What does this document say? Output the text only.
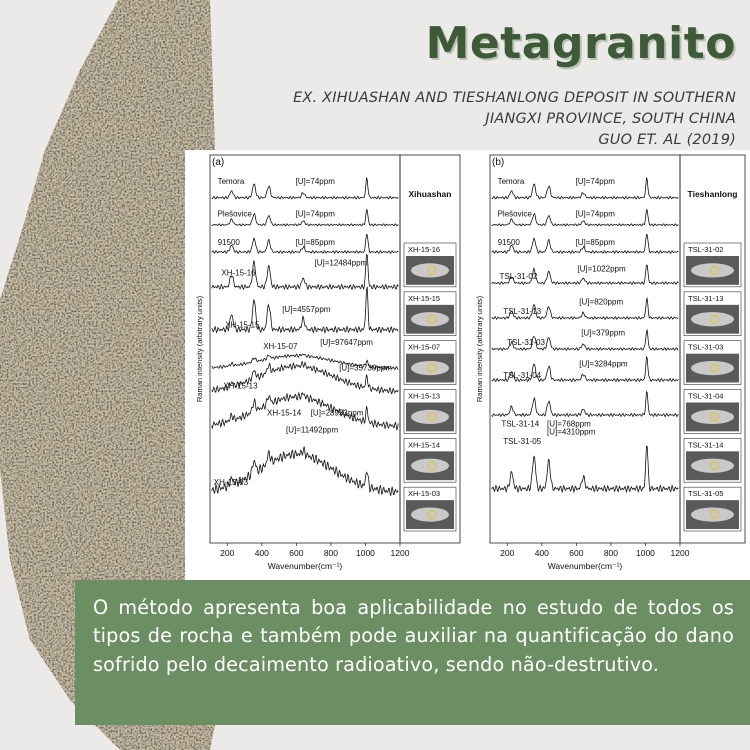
Metagranito
EX. XIHUASHAN AND TIESHANLONG DEPOSIT IN SOUTHERN
JIANGXI PROVINCE, SOUTH CHINA
GUO ET. AL (2019)
(a)
200 400 600 800 1000 1200
Wavenumber(cm⁻¹)
Raman intensity (arbitrary units)
Temora	[U]=74ppm
Plešovice	[U]=74ppm
91500	[U]=85ppm
XH-15-16
[U]=12484ppm
XH-15-15
[U]=4557ppm
XH-15-07	[U]=97647ppm
XH-15-13
[U]=35730ppm
XH-15-14 [U]=28953ppm
XH-15-03
[U]=11492ppm
Xihuashan
XH-15-16
XH-15-15
XH-15-07
XH-15-13
XH-15-14
XH-15-03
(b)
200 400 600 800 1000 1200
Wavenumber(cm⁻¹)
Raman intensity (arbitrary units)
Temora	[U]=74ppm
Plešovice	[U]=74ppm
91500	[U]=85ppm
TSL-31-02
[U]=1022ppm
TSL-31-13
[U]=820ppm
TSL-31-03
[U]=379ppm
TSL-31-04
[U]=3284ppm
TSL-31-14 [U]=768ppm
TSL-31-05
[U]=4310ppm
Tieshanlong
TSL-31-02
TSL-31-13
TSL-31-03
TSL-31-04
TSL-31-14
TSL-31-05

O método apresenta boa aplicabilidade no estudo de todos os tipos de rocha e também pode auxiliar na quantificação do dano sofrido pelo decaimento radioativo, sendo não-destrutivo.
